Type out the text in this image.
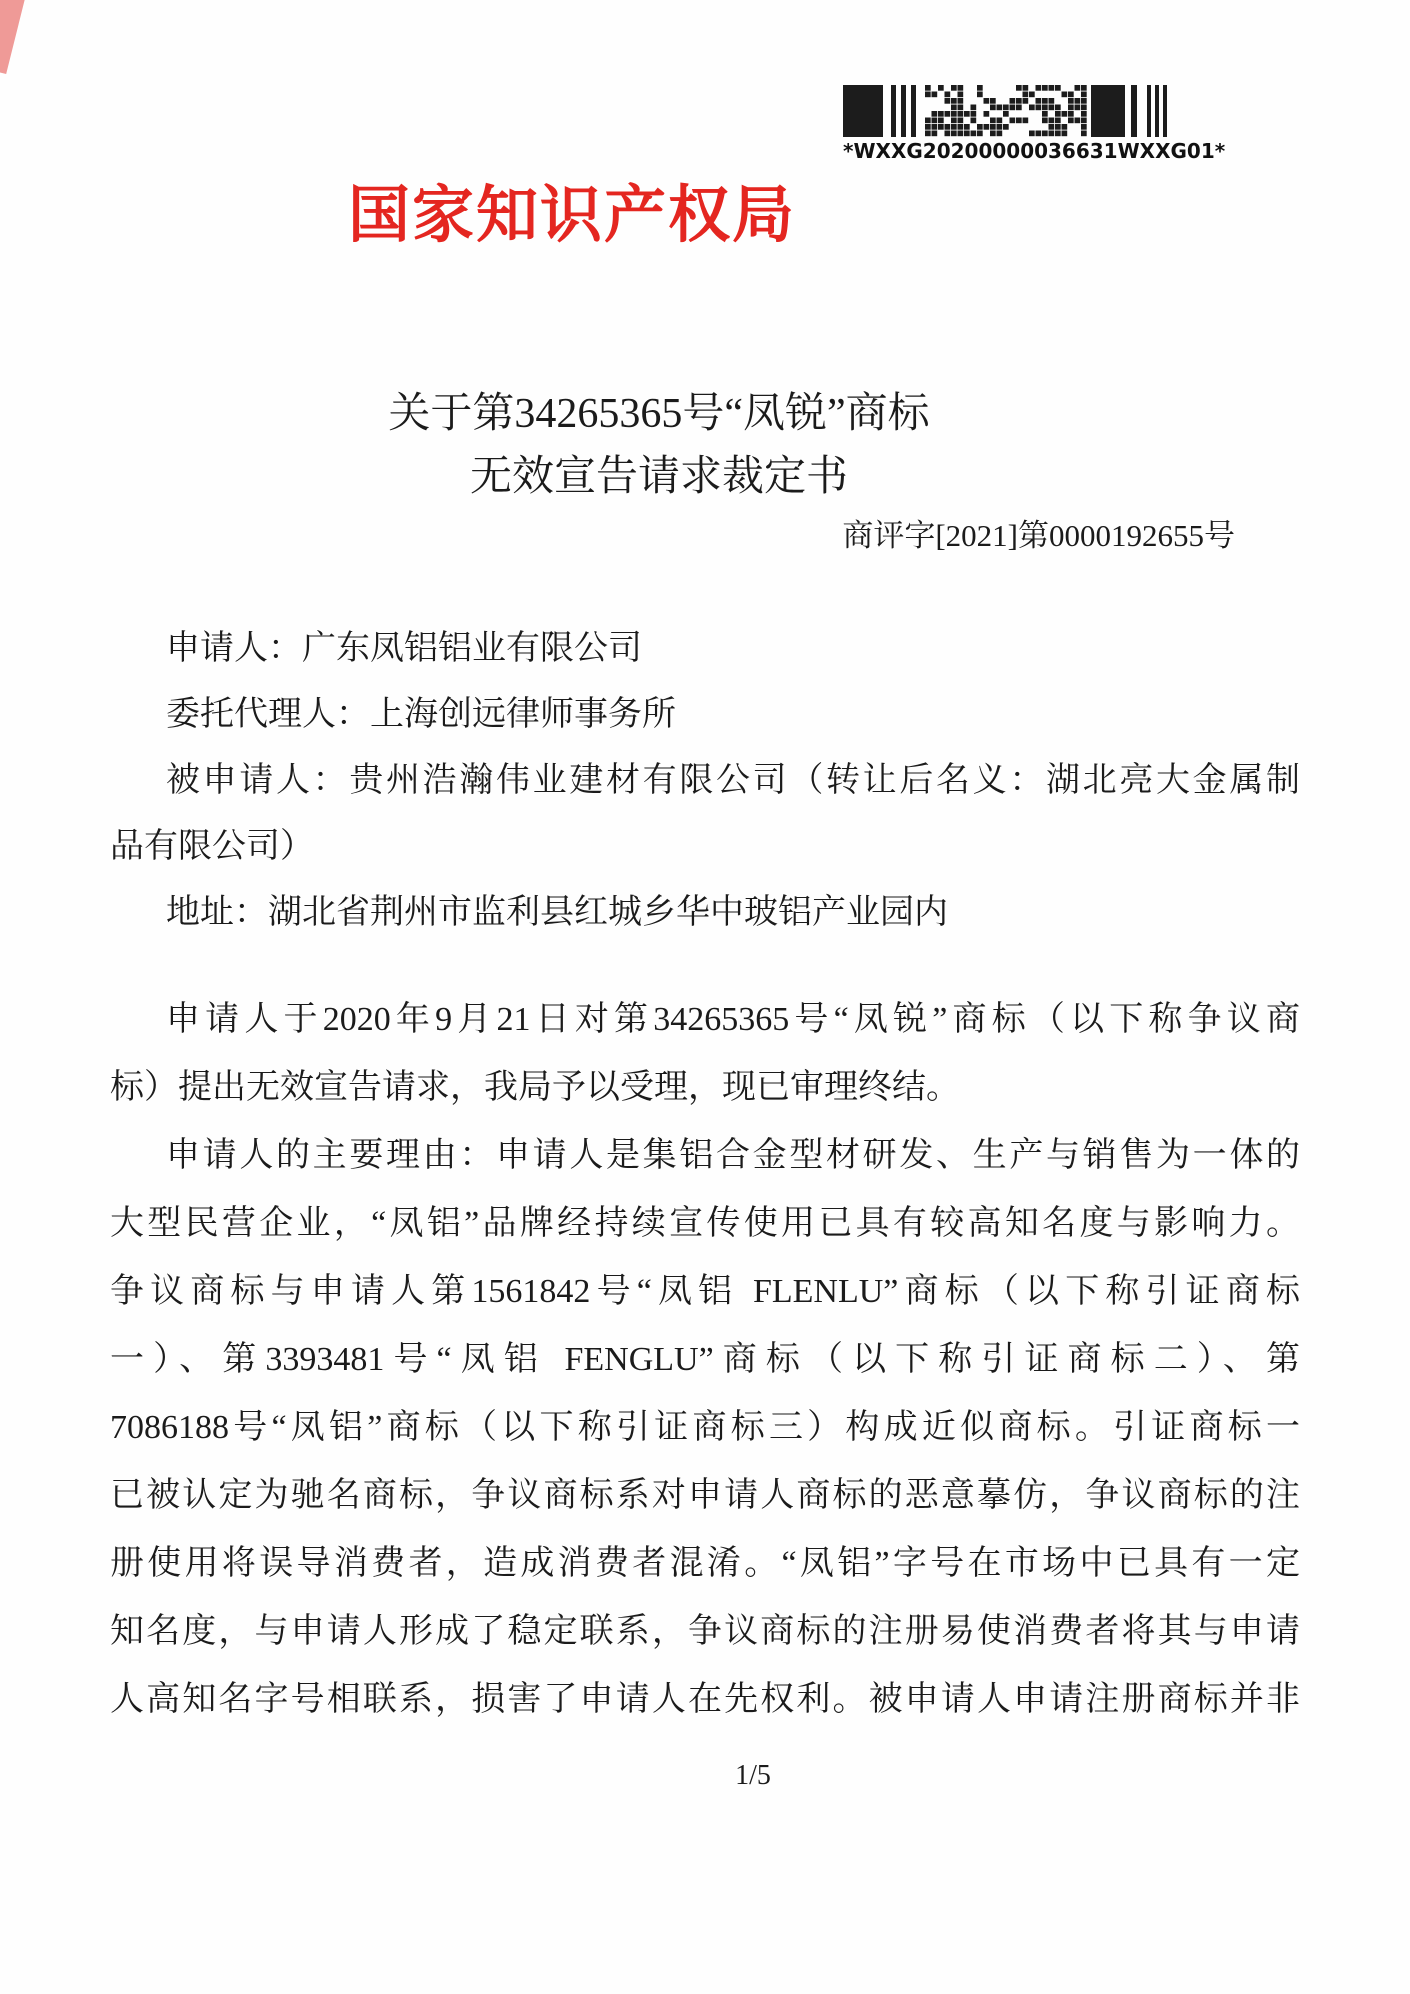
*WXXG20200000036631WXXG01*
国家知识产权局
关于第34265365号“凤锐”商标
无效宣告请求裁定书
商评字[2021]第0000192655号
申请人：广东凤铝铝业有限公司
委托代理人：上海创远律师事务所
被申请人：贵州浩瀚伟业建材有限公司（转让后名义：湖北亮大金属制
品有限公司）
地址：湖北省荆州市监利县红城乡华中玻铝产业园内
申请人于2020年9月21日对第34265365号“凤锐”商标（以下称争议商
标）提出无效宣告请求，我局予以受理，现已审理终结。
申请人的主要理由：申请人是集铝合金型材研发、生产与销售为一体的
大型民营企业，“凤铝”品牌经持续宣传使用已具有较高知名度与影响力。
争议商标与申请人第1561842号“凤铝 FLENLU”商标（以下称引证商标
一）、第3393481号“凤铝 FENGLU”商标（以下称引证商标二）、第
7086188号“凤铝”商标（以下称引证商标三）构成近似商标。引证商标一
已被认定为驰名商标，争议商标系对申请人商标的恶意摹仿，争议商标的注
册使用将误导消费者，造成消费者混淆。“凤铝”字号在市场中已具有一定
知名度，与申请人形成了稳定联系，争议商标的注册易使消费者将其与申请
人高知名字号相联系，损害了申请人在先权利。被申请人申请注册商标并非
1/5
